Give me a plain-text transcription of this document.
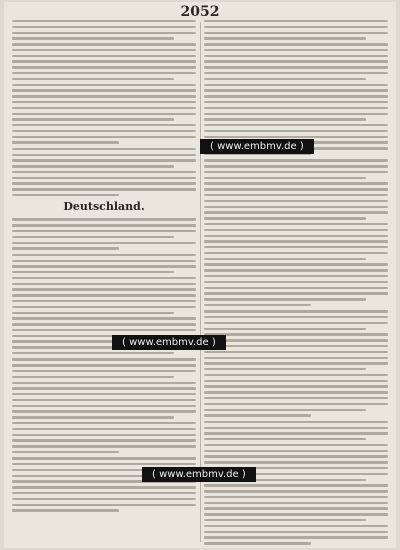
2052
Deutschland.
( www.embmv.de )
( www.embmv.de )
( www.embmv.de )
